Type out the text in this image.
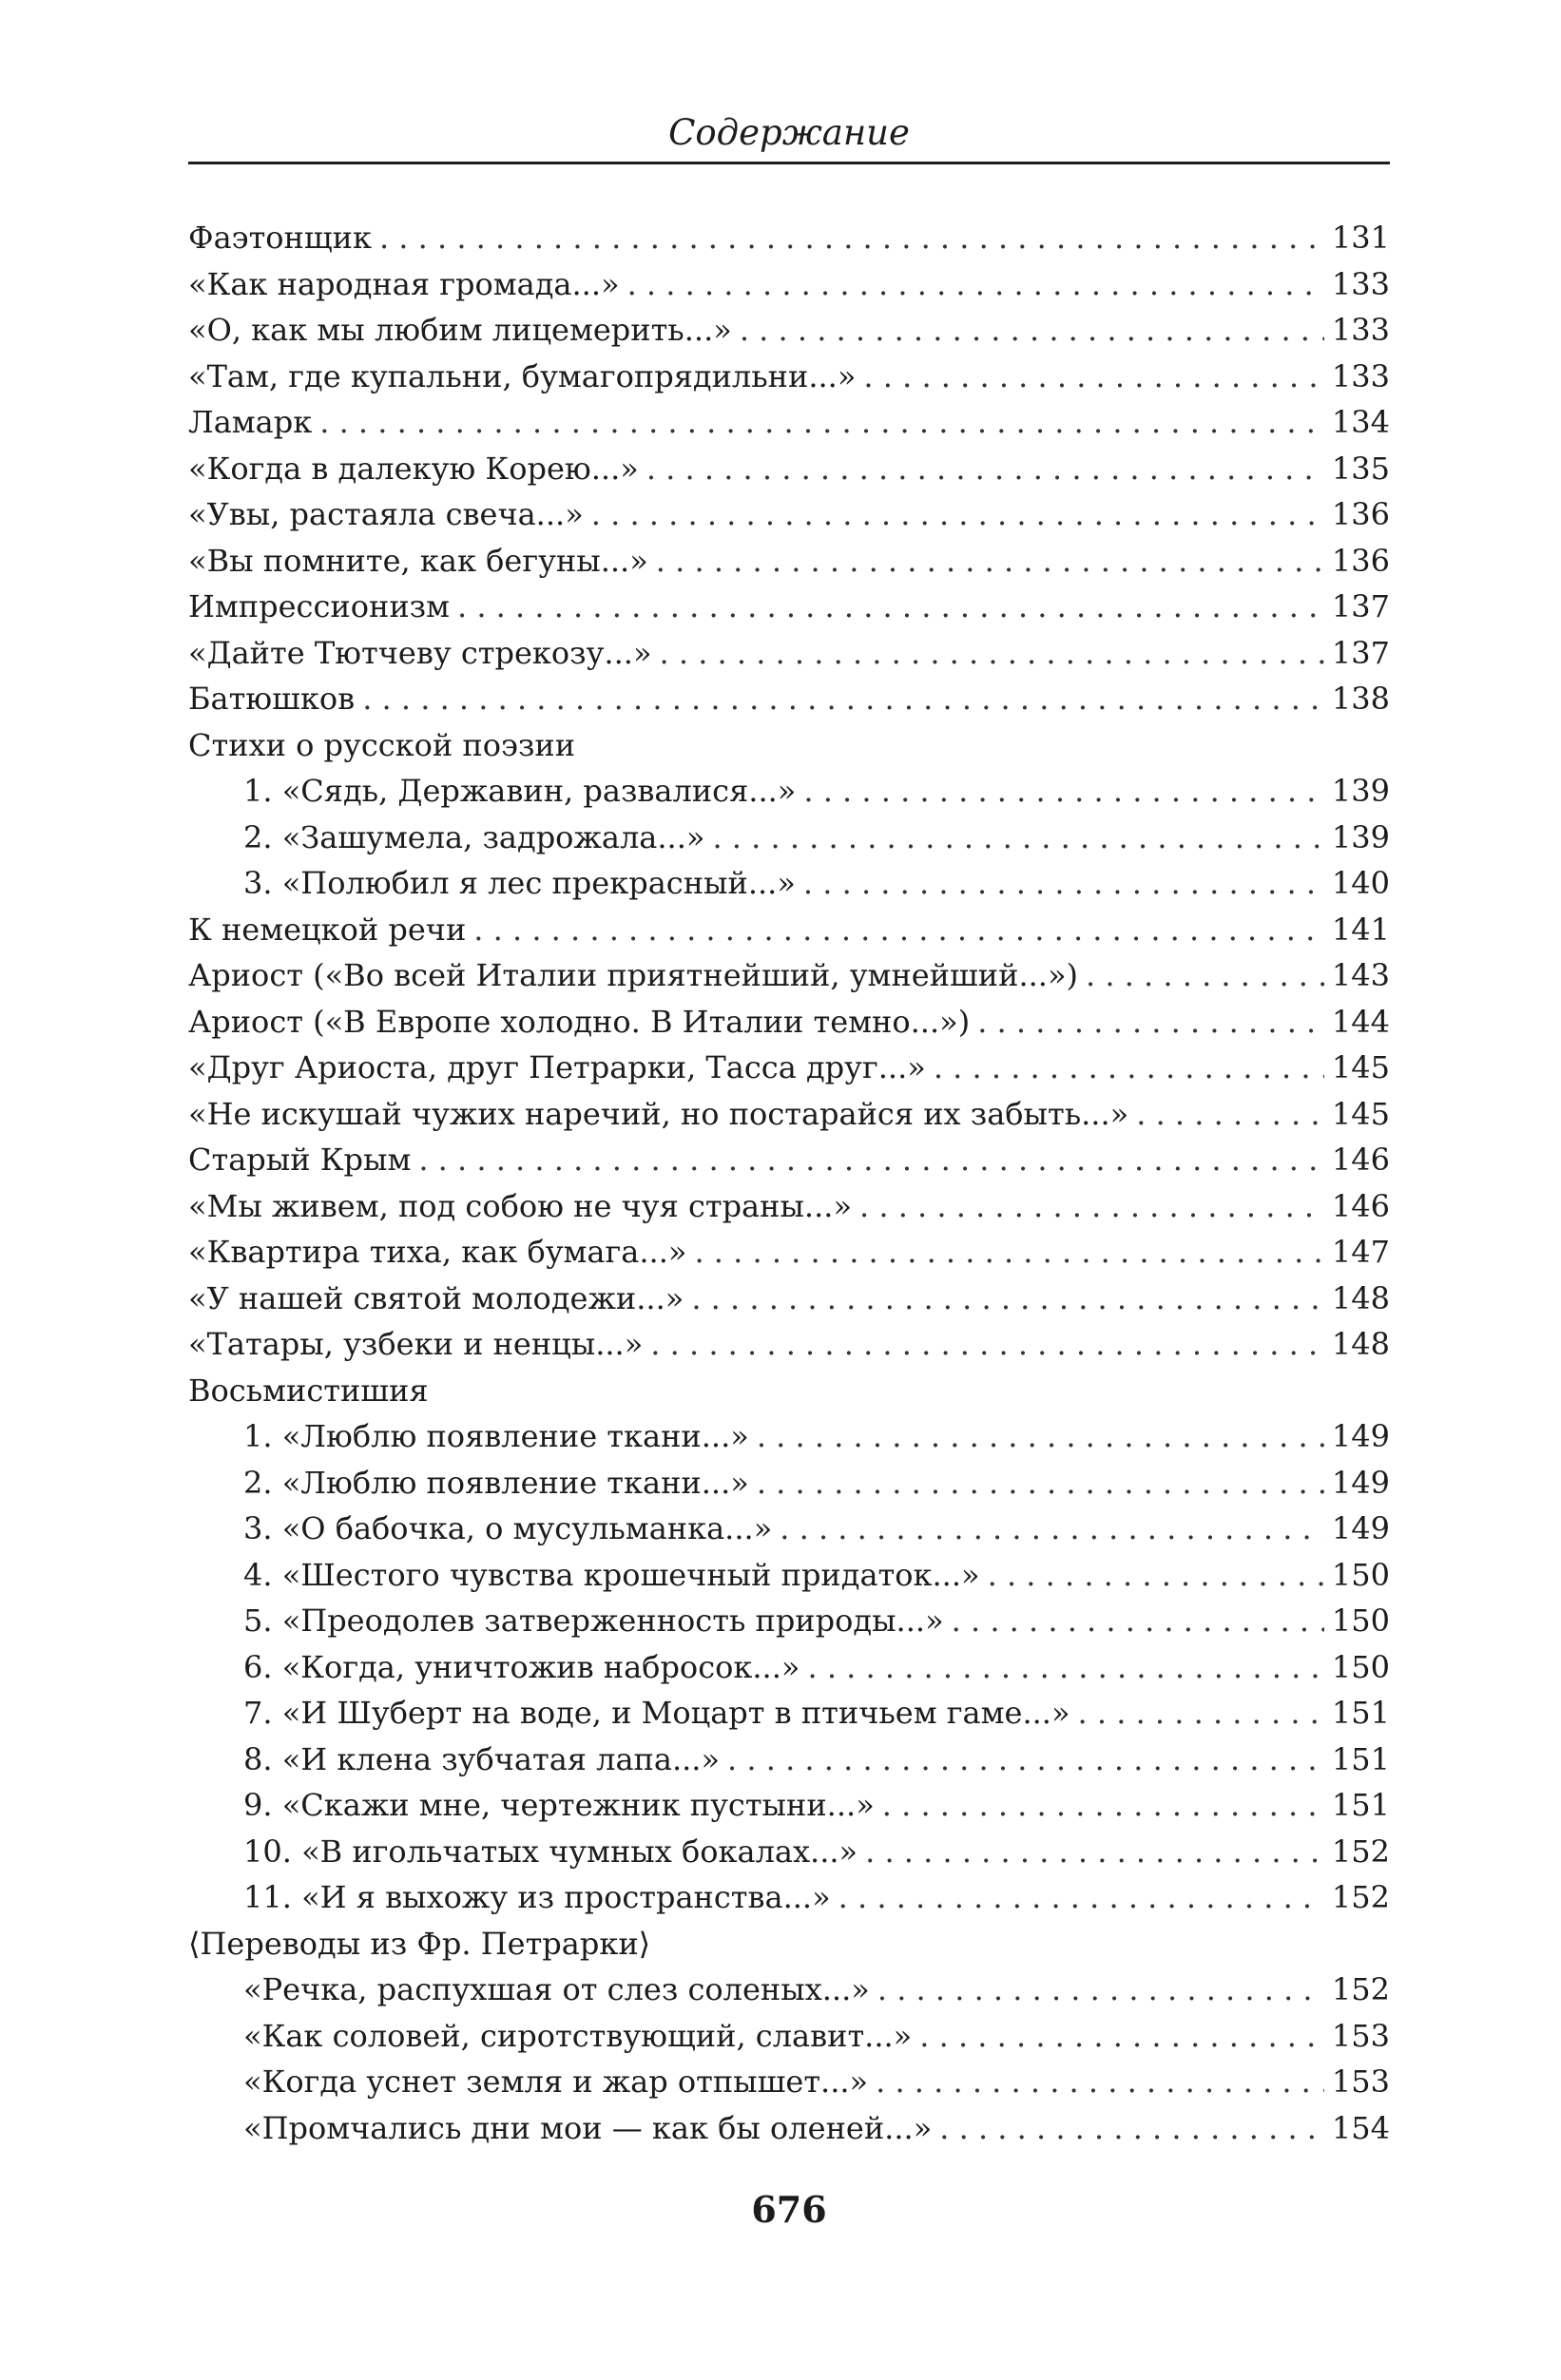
Содержание
Фаэтонщик . . .	131
«Как народная громада...» . . .	133
«О, как мы любим лицемерить...» . . .	133
«Там, где купальни, бумагопрядильни...» . . .	133
Ламарк . . .	134
«Когда в далекую Корею...» . . .	135
«Увы, растаяла свеча...» . . .	136
«Вы помните, как бегуны...» . . .	136
Импрессионизм . . .	137
«Дайте Тютчеву стрекозу...» . . .	137
Батюшков . . .	138
Стихи о русской поэзии
1. «Сядь, Державин, развалися...» . . .	139
2. «Зашумела, задрожала...» . . .	139
3. «Полюбил я лес прекрасный...» . . .	140
К немецкой речи . . .	141
Ариост («Во всей Италии приятнейший, умнейший...») . . .	143
Ариост («В Европе холодно. В Италии темно...») . . .	144
«Друг Ариоста, друг Петрарки, Тасса друг...» . . .	145
«Не искушай чужих наречий, но постарайся их забыть...» . . .	145
Старый Крым . . .	146
«Мы живем, под собою не чуя страны...» . . .	146
«Квартира тиха, как бумага...» . . .	147
«У нашей святой молодежи...» . . .	148
«Татары, узбеки и ненцы...» . . .	148
Восьмистишия
1. «Люблю появление ткани...» . . .	149
2. «Люблю появление ткани...» . . .	149
3. «О бабочка, о мусульманка...» . . .	149
4. «Шестого чувства крошечный придаток...» . . .	150
5. «Преодолев затверженность природы...» . . .	150
6. «Когда, уничтожив набросок...» . . .	150
7. «И Шуберт на воде, и Моцарт в птичьем гаме...» . . .	151
8. «И клена зубчатая лапа...» . . .	151
9. «Скажи мне, чертежник пустыни...» . . .	151
10. «В игольчатых чумных бокалах...» . . .	152
11. «И я выхожу из пространства...» . . .	152
⟨Переводы из Фр. Петрарки⟩
«Речка, распухшая от слез соленых...» . . .	152
«Как соловей, сиротствующий, славит...» . . .	153
«Когда уснет земля и жар отпышет...» . . .	153
«Промчались дни мои — как бы оленей...» . . .	154
676
